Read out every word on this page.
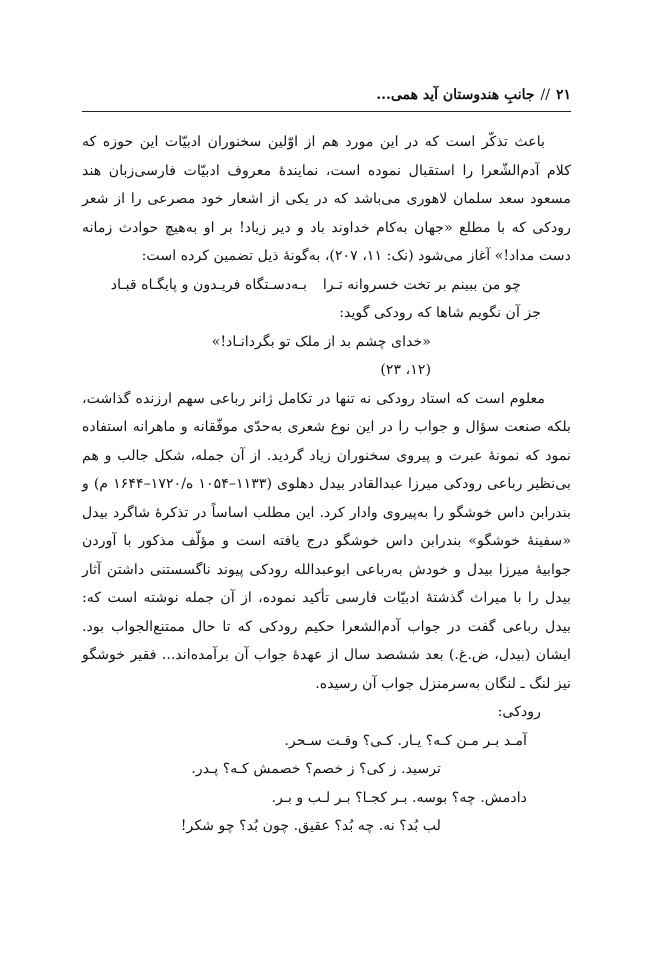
۲۱
//
جانبِ هندوستان آید همی...

باعث تذکّر است که در این مورد هم از اوّلین سخنوران ادبیّات این حوزه که کلام آدم‌الشّعرا را استقبال نموده است، نمایندهٔ معروف ادبیّات فارسی‌زبان هند مسعود سعد سلمان لاهوری می‌باشد که در یکی از اشعار خود مصرعی را از شعر رودکی که با مطلع «جهان به‌کام خداوند باد و دیر زیاد! بر او به‌هیچ حوادث زمانه دست مداد!» آغاز می‌شود (نک: ۱۱، ۲۰۷)، به‌گونهٔ ذیل تضمین کرده است:

چو من ببینم بر تخت خسروانه تـرا
بـه‌دسـتگاه فریـدون و پایگـاه قبـاد
جز آن نگویم شاها که رودکی گوید:
«خدای چشم بد از ملک تو بگردانـاد!»
(۱۲، ۲۳)

معلوم است که استاد رودکی نه تنها در تکامل ژانر رباعی سهم ارزنده گذاشت، بلکه صنعت سؤال و جواب را در این نوع شعری به‌حدّی موفّقانه و ماهرانه استفاده نمود که نمونهٔ عبرت و پیروی سخنوران زیاد گردید. از آن جمله، شکل جالب و هم بی‌نظیر رباعی رودکی میرزا عبدالقادر بیدل دهلوی (۱۱۳۳–۱۰۵۴ ه/۱۷۲۰–۱۶۴۴ م) و بندرابن داس خوشگو را به‌پیروی وادار کرد. این مطلب اساساً در تذکرهٔ شاگرد بیدل «سفینهٔ خوشگو» بندرابن داس خوشگو درج یافته است و مؤلّف مذکور با آوردن جوابیهٔ میرزا بیدل و خودش به‌رباعی ابوعبدالله رودکی پیوند ناگسستنی داشتن آثار بیدل را با میراث گذشتهٔ ادبیّات فارسی تأکید نموده، از آن جمله نوشته است که: بیدل رباعی گفت در جواب آدم‌الشعرا حکیم رودکی که تا حال ممتنع‌الجواب بود. ایشان (بیدل، ض.غ.) بعد ششصد سال از عهدهٔ جواب آن برآمده‌اند... فقیر خوشگو نیز لنگ ـ لنگان به‌سرمنزل جواب آن رسیده.

رودکی:
آمـد بـر مـن کـه؟ یـار. کـی؟ وقـت سـحر.
ترسید. ز کی؟ ز خصم؟ خصمش کـه؟ پـدر.
دادمش. چه؟ بوسه. بـر کجـا؟ بـر لـب و بـر.
لب بُد؟ نه. چه بُد؟ عقیق. چون بُد؟ چو شکر!
